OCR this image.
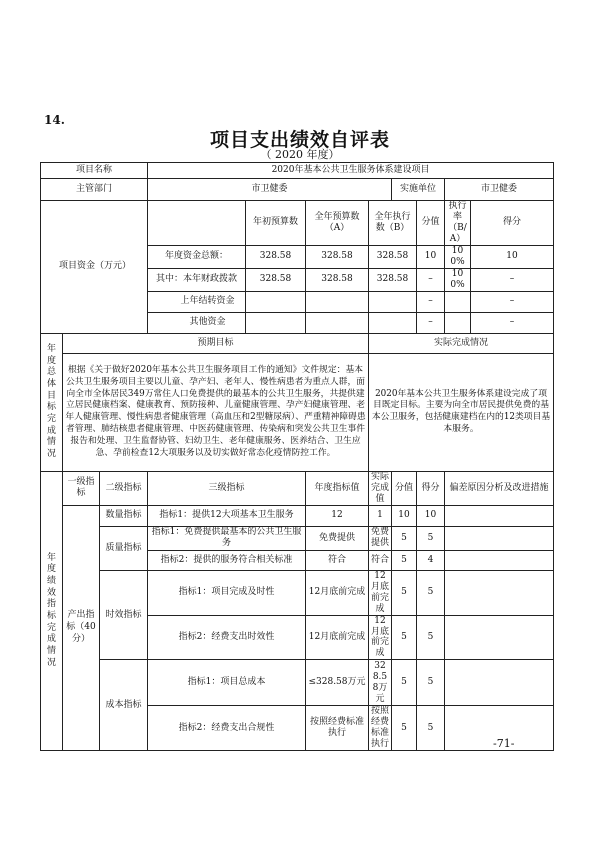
14.
项目支出绩效自评表
（ 2020 年度）
项目名称			2020年基本公共卫生服务体系建设项目							
主管部门			市卫健委				实施单位		市卫健委	
项目资金（万元）				年初预算数	全年预算数（A）	全年执行数（B）		分值	执行率（B/A）	得分
			年度资金总额：	328.58	328.58	328.58		10	100%	10
			其中：本年财政拨款	328.58	328.58	328.58		–	100%	–
			上年结转资金					–		–
			其他资金					–		–
年度总体目标完成情况	预期目标					实际完成情况				
	根据《关于做好2020年基本公共卫生服务项目工作的通知》文件规定：基本公共卫生服务项目主要以儿童、孕产妇、老年人、慢性病患者为重点人群，面向全市全体居民349万常住人口免费提供的最基本的公共卫生服务，共提供建立居民健康档案、健康教育、预防接种、儿童健康管理、孕产妇健康管理、老年人健康管理、慢性病患者健康管理（高血压和2型糖尿病）、严重精神障碍患者管理、肺结核患者健康管理、中医药健康管理、传染病和突发公共卫生事件报告和处理、卫生监督协管、妇幼卫生、老年健康服务、医养结合、卫生应急、孕前检查12大项服务以及切实做好常态化疫情防控工作。					2020年基本公共卫生服务体系建设完成了项目既定目标。主要为向全市居民提供免费的基本公卫服务，包括健康建档在内的12类项目基本服务。				
年度绩效指标完成情况	一级指标	二级指标	三级指标		年度指标值	实际完成值	分值	得分	偏差原因分析及改进措施	
	产出指标（40分）	数量指标	指标1：提供12大项基本卫生服务		12	1	10	10		
		质量指标	指标1：免费提供最基本的公共卫生服务		免费提供	免费提供	5	5		
			指标2：提供的服务符合相关标准		符合	符合	5	4		
		时效指标	指标1：项目完成及时性		12月底前完成	12月底前完成	5	5		
			指标2：经费支出时效性		12月底前完成	12月底前完成	5	5		
		成本指标	指标1：项目总成本		≤328.58万元	328.58万元	5	5		
			指标2：经费支出合规性		按照经费标准执行	按照经费标准执行	5	5		
-71-
